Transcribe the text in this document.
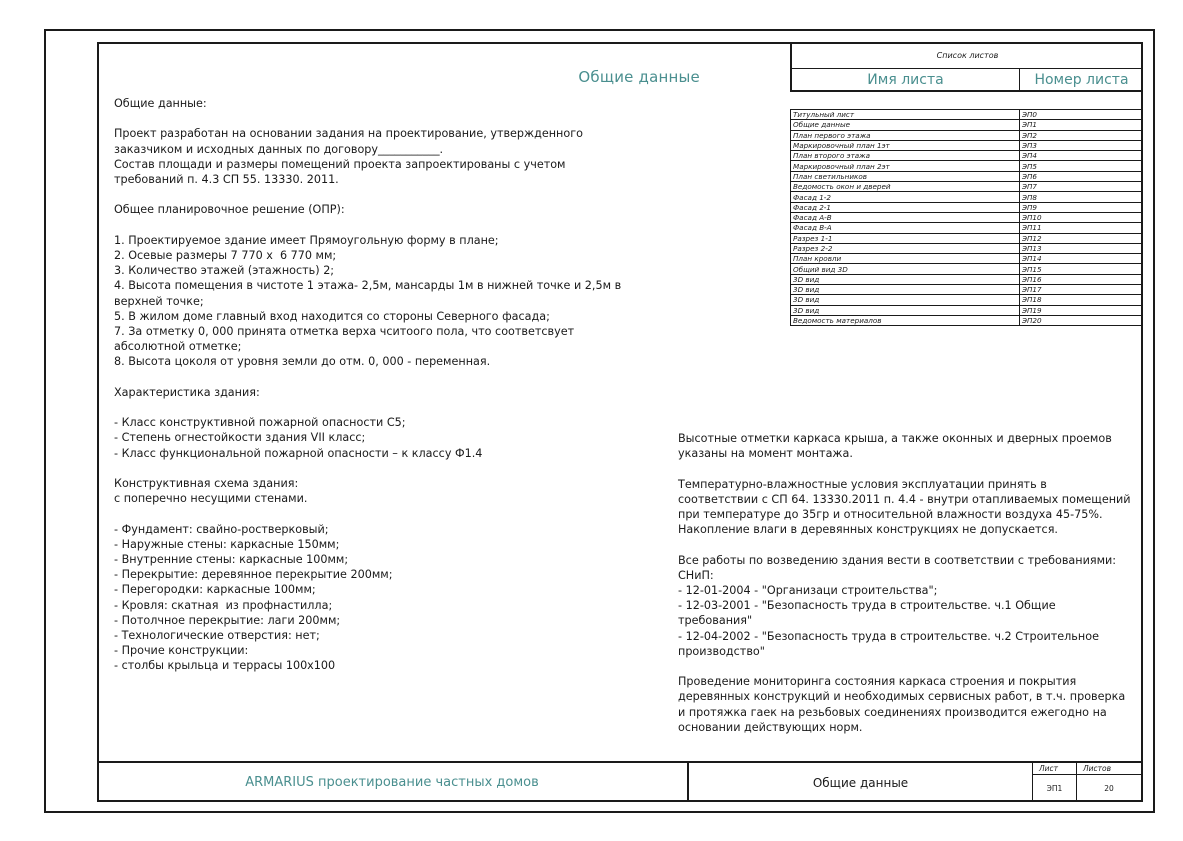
Общие данные

Общие данные:

Проект разработан на основании задания на проектирование, утвержденного

заказчиком и исходных данных по договору___________.

Состав площади и размеры помещений проекта запроектированы с учетом

требований п. 4.3 СП 55. 13330. 2011.

Общее планировочное решение (ОПР):

1. Проектируемое здание имеет Прямоугольную форму в плане;

2. Осевые размеры 7 770 х  6 770 мм;

3. Количество этажей (этажность) 2;

4. Высота помещения в чистоте 1 этажа- 2,5м, мансарды 1м в нижней точке и 2,5м в

верхней точке;

5. В жилом доме главный вход находится со стороны Северного фасада;

7. За отметку 0, 000 принята отметка верха чситоого пола, что соответсвует

абсолютной отметке;

8. Высота цоколя от уровня земли до отм. 0, 000 - переменная.

Характеристика здания:

- Класс конструктивной пожарной опасности С5;

- Степень огнестойкости здания VII класс;

- Класс функциональной пожарной опасности – к классу Ф1.4

Конструктивная схема здания:

с поперечно несущими стенами.

- Фундамент: свайно-ростверковый;

- Наружные стены: каркасные 150мм;

- Внутренние стены: каркасные 100мм;

- Перекрытие: деревянное перекрытие 200мм;

- Перегородки: каркасные 100мм;

- Кровля: скатная  из профнастилла;

- Потолчное перекрытие: лаги 200мм;

- Технологические отверстия: нет;

- Прочие конструкции:

- столбы крыльца и террасы 100х100

Высотные отметки каркаса крыша, а также оконных и дверных проемов

указаны на момент монтажа.

Температурно-влажностные условия эксплуатации принять в

соответствии с СП 64. 13330.2011 п. 4.4 - внутри отапливаемых помещений

при температуре до 35гр и относительной влажности воздуха 45-75%.

Накопление влаги в деревянных конструкциях не допускается.

Все работы по возведению здания вести в соответствии с требованиями:

СНиП:

- 12-01-2004 - "Организаци строительства";

- 12-03-2001 - "Безопасность труда в строительстве. ч.1 Общие

требования"

- 12-04-2002 - "Безопасность труда в строительстве. ч.2 Строительное

производство"

Проведение мониторинга состояния каркаса строения и покрытия

деревянных конструкций и необходимых сервисных работ, в т.ч. проверка

и протяжка гаек на резьбовых соединениях производится ежегодно на

основании действующих норм.

Список листов
Имя листа	Номер листа
Титульный лист	ЭП0
Общие данные	ЭП1
План первого этажа	ЭП2
Маркировочный план 1эт	ЭП3
План второго этажа	ЭП4
Маркировочный план 2эт	ЭП5
План светильников	ЭП6
Ведомость окон и дверей	ЭП7
Фасад 1-2	ЭП8
Фасад 2-1	ЭП9
Фасад А-В	ЭП10
Фасад В-А	ЭП11
Разрез 1-1	ЭП12
Разрез 2-2	ЭП13
План кровли	ЭП14
Общий вид 3D	ЭП15
3D вид	ЭП16
3D вид	ЭП17
3D вид	ЭП18
3D вид	ЭП19
Ведомость материалов	ЭП20
ARMARIUS проектирование частных домов	Общие данные
Лист	Листов
ЭП1	20
